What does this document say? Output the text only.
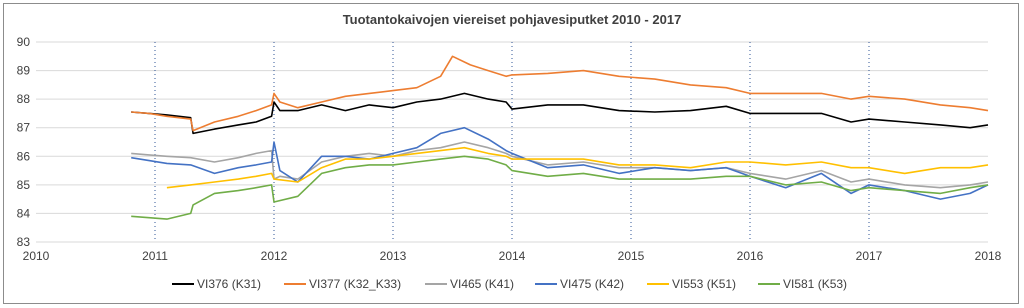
Tuotantokaivojen viereiset pohjavesiputket 2010 - 2017
83
84
85
86
87
88
89
90
2010	2011	2012	2013	2014	2015	2016	2017	2018
VI376 (K31)	VI377 (K32_K33)	VI465 (K41)	VI475 (K42)	VI553 (K51)	VI581 (K53)
